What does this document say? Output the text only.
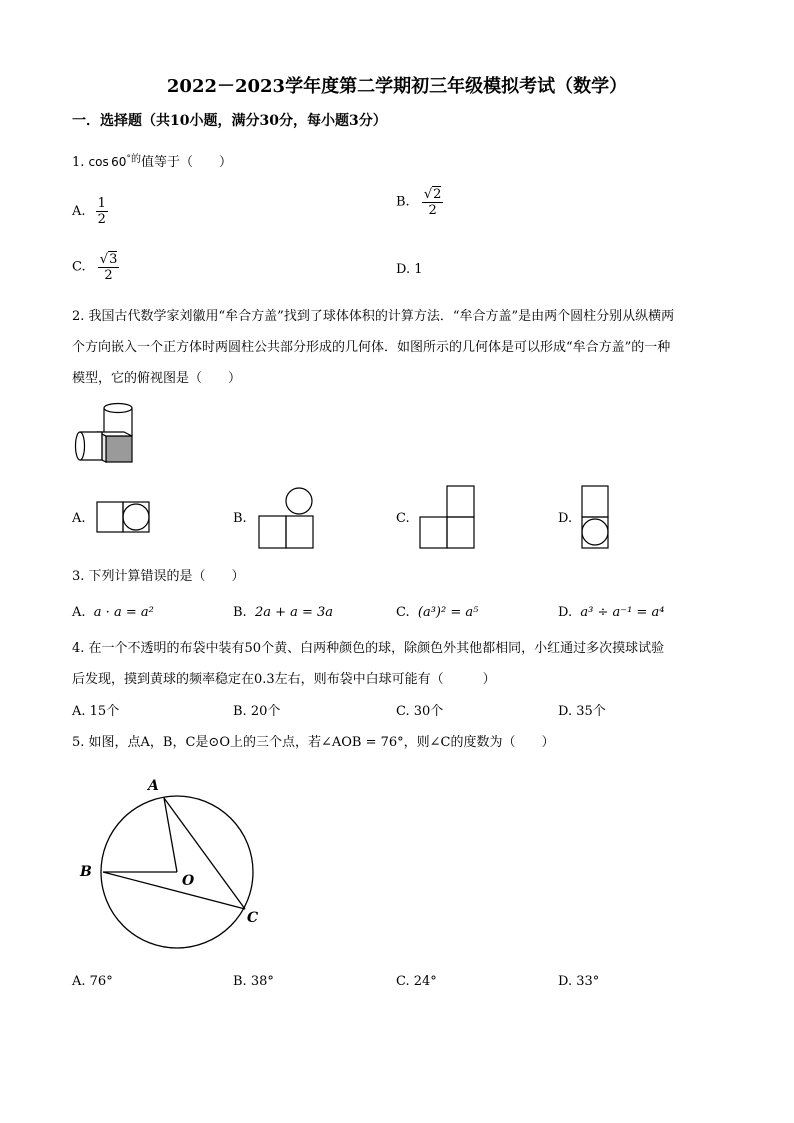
2022－2023学年度第二学期初三年级模拟考试（数学）
一．选择题（共10小题，满分30分，每小题3分）
1. $\cos 60^{^\circ 的}$值等于（　　）
A. $\frac{1}{2}$	B. $\frac{√2}{2}$
C. $\frac{√3}{2}$	D. 1
2. 我国古代数学家刘徽用“牟合方盖”找到了球体体积的计算方法．“牟合方盖”是由两个圆柱分别从纵横两
个方向嵌入一个正方体时两圆柱公共部分形成的几何体．如图所示的几何体是可以形成“牟合方盖”的一种
模型，它的俯视图是（　　）
A.	B.	C.	D.
3. 下列计算错误的是（　　）
A. a · a = a²	B. 2a + a = 3a	C. (a³)² = a⁵	D. a³ ÷ a⁻¹ = a⁴
4. 在一个不透明的布袋中装有50个黄、白两种颜色的球，除颜色外其他都相同，小红通过多次摸球试验
后发现，摸到黄球的频率稳定在0.3左右，则布袋中白球可能有（　　　）
A. 15个	B. 20个	C. 30个	D. 35个
5. 如图，点A，B，C是⊙O上的三个点，若∠AOB = 76°，则∠C的度数为（　　）
A
B
O
C
A. 76°	B. 38°	C. 24°	D. 33°
